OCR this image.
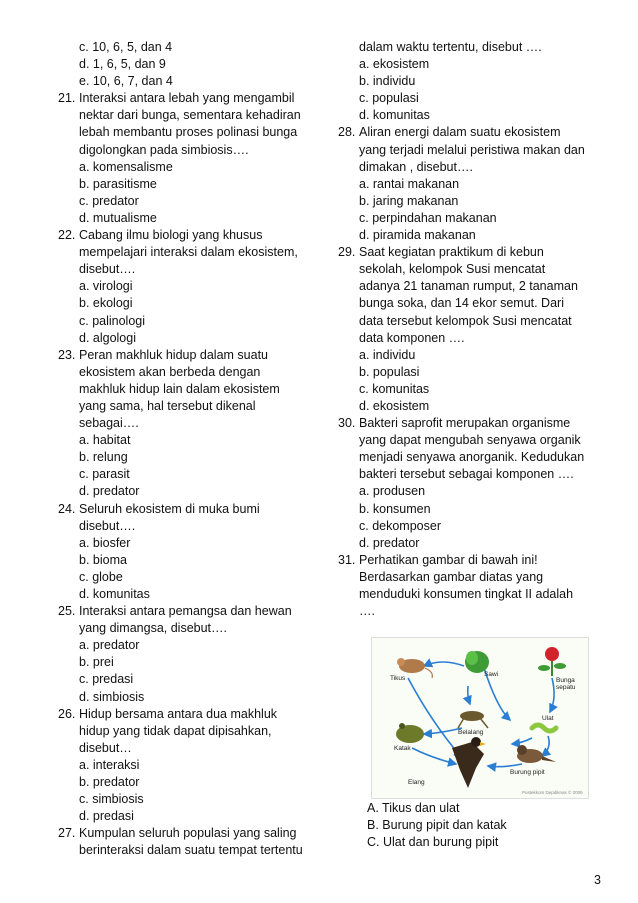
c. 10, 6, 5, dan 4
d. 1, 6, 5, dan 9
e. 10, 6, 7, dan 4
21. Interaksi antara lebah yang mengambil
nektar dari bunga, sementara kehadiran
lebah membantu proses polinasi bunga
digolongkan pada simbiosis….
a. komensalisme
b. parasitisme
c. predator
d. mutualisme
22. Cabang ilmu biologi yang khusus
mempelajari interaksi dalam ekosistem,
disebut….
a. virologi
b. ekologi
c. palinologi
d. algologi
23. Peran makhluk hidup dalam suatu
ekosistem akan berbeda dengan
makhluk hidup lain dalam ekosistem
yang sama, hal tersebut dikenal
sebagai….
a. habitat
b. relung
c. parasit
d. predator
24. Seluruh ekosistem di muka bumi
disebut….
a. biosfer
b. bioma
c. globe
d. komunitas
25. Interaksi antara pemangsa dan hewan
yang dimangsa, disebut….
a. predator
b. prei
c. predasi
d. simbiosis
26. Hidup bersama antara dua makhluk
hidup yang tidak dapat dipisahkan,
disebut…
a. interaksi
b. predator
c. simbiosis
d. predasi
27. Kumpulan seluruh populasi yang saling
berinteraksi dalam suatu tempat tertentu
dalam waktu tertentu, disebut ….
a. ekosistem
b. individu
c. populasi
d. komunitas
28. Aliran energi dalam suatu ekosistem
yang terjadi melalui peristiwa makan dan
dimakan , disebut….
a. rantai makanan
b. jaring makanan
c. perpindahan makanan
d. piramida makanan
29. Saat kegiatan praktikum di kebun
sekolah, kelompok Susi mencatat
adanya 21 tanaman rumput, 2 tanaman
bunga soka, dan 14 ekor semut. Dari
data tersebut kelompok Susi mencatat
data komponen ….
a. individu
b. populasi
c. komunitas
d. ekosistem
30. Bakteri saprofit merupakan organisme
yang dapat mengubah senyawa organik
menjadi senyawa anorganik. Kedudukan
bakteri tersebut sebagai komponen ….
a. produsen
b. konsumen
c. dekomposer
d. predator
31. Perhatikan gambar di bawah ini!
Berdasarkan gambar diatas yang
menduduki konsumen tingkat II adalah
….
Tikus
Sawi
Bunga
sepatu
Belalang
Katak
Ulat
Elang
Burung pipit
Pustekkom Depdiknas © 2006
A. Tikus dan ulat
B. Burung pipit dan katak
C. Ulat dan burung pipit
3
